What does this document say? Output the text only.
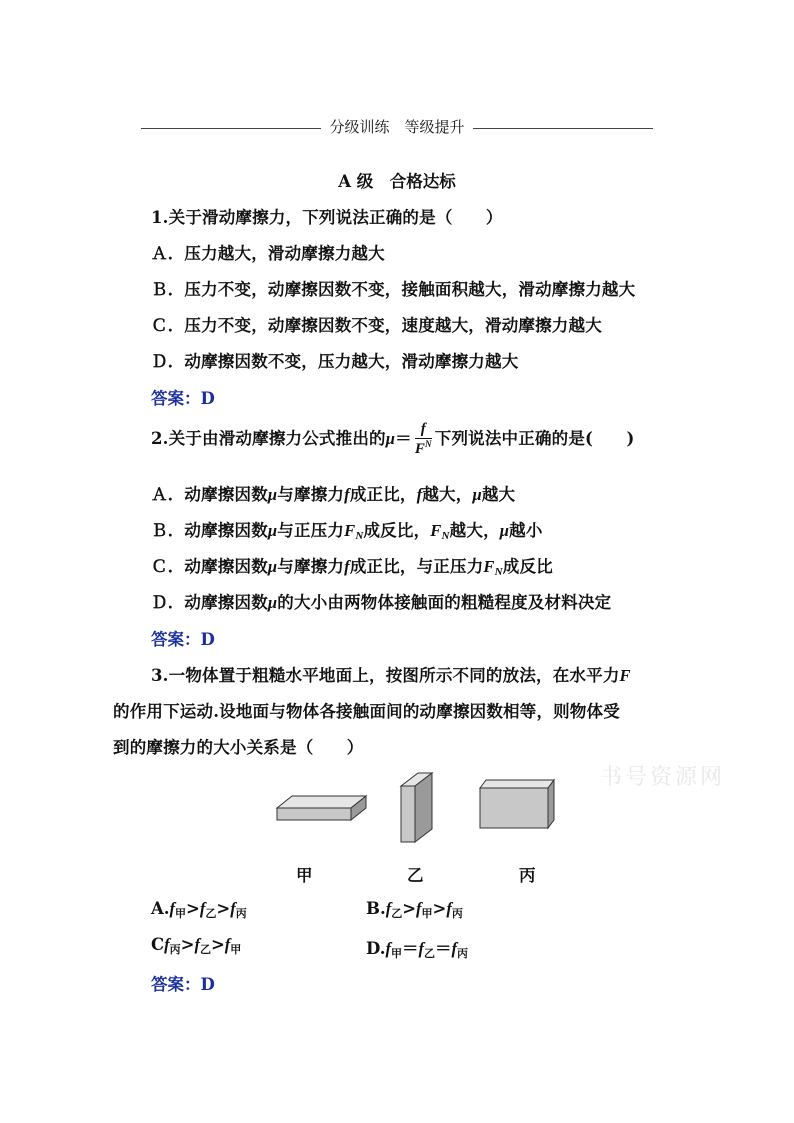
分级训练　等级提升
A 级　合格达标
1.关于滑动摩擦力，下列说法正确的是（　　）
Ａ．压力越大，滑动摩擦力越大
Ｂ．压力不变，动摩擦因数不变，接触面积越大，滑动摩擦力越大
Ｃ．压力不变，动摩擦因数不变，速度越大，滑动摩擦力越大
Ｄ．动摩擦因数不变，压力越大，滑动摩擦力越大
答案：D
2.关于由滑动摩擦力公式推出的$\mu= \frac{f}{F^N}$ 下列说法中正确的是(　　)
Ａ．动摩擦因数μ与摩擦力f成正比，f越大，μ越大
Ｂ．动摩擦因数μ与正压力$F_N$成反比，$F_N$越大，μ越小
Ｃ．动摩擦因数μ与摩擦力f成正比，与正压力$F_N$成反比
Ｄ．动摩擦因数μ的大小由两物体接触面的粗糙程度及材料决定
答案：D
3.一物体置于粗糙水平地面上，按图所示不同的放法，在水平力F
的作用下运动.设地面与物体各接触面间的动摩擦因数相等，则物体受
到的摩擦力的大小关系是（　　）
甲	乙	丙
$A.f_甲>f_乙>f_丙$	$B.f_乙>f_甲>f_丙$
$Cf_丙>f_乙>f_甲$	$D.f_甲=f_乙=f_丙$
答案：D
书号资源网
